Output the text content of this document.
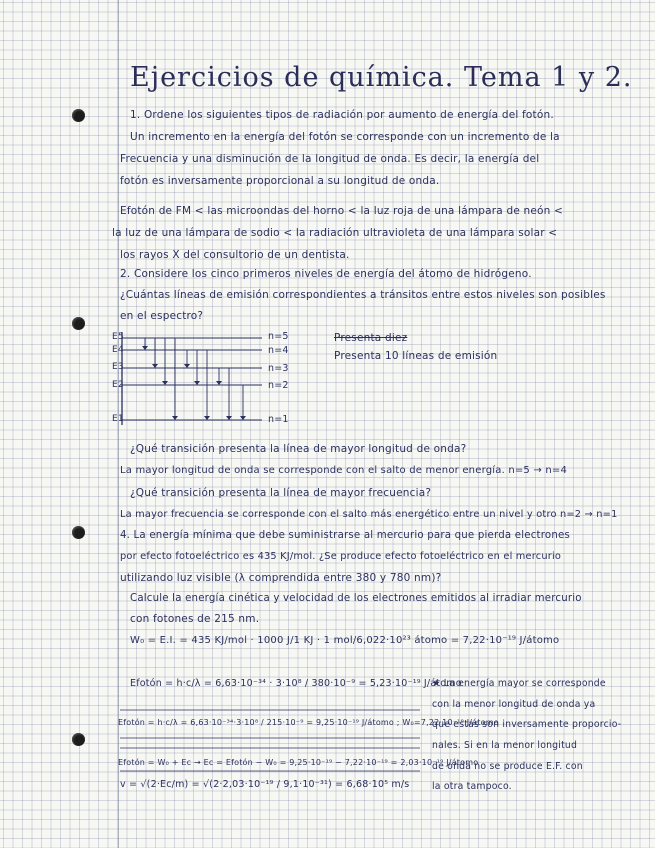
Ejercicios de química. Tema 1 y 2.
1. Ordene los siguientes tipos de radiación por aumento de energía del fotón.
Un incremento en la energía del fotón se corresponde con un incremento de la
Frecuencia y una disminución de la longitud de onda. Es decir, la energía del
fotón es inversamente proporcional a su longitud de onda.
Efotón de FM < las microondas del horno < la luz roja de una lámpara de neón <
la luz de una lámpara de sodio < la radiación ultravioleta de una lámpara solar <
los rayos X del consultorio de un dentista.
2. Considere los cinco primeros niveles de energía del átomo de hidrógeno.
¿Cuántas líneas de emisión correspondientes a tránsitos entre estos niveles son posibles
en el espectro?
E5
E4
E3
E2
E1
n=5
n=4
n=3
n=2
n=1
Presenta diez
Presenta 10 líneas de emisión
¿Qué transición presenta la línea de mayor longitud de onda?
La mayor longitud de onda se corresponde con el salto de menor energía. n=5 → n=4
¿Qué transición presenta la línea de mayor frecuencia?
La mayor frecuencia se corresponde con el salto más energético entre un nivel y otro n=2 → n=1
4. La energía mínima que debe suministrarse al mercurio para que pierda electrones
por efecto fotoeléctrico es 435 KJ/mol. ¿Se produce efecto fotoeléctrico en el mercurio
utilizando luz visible (λ comprendida entre 380 y 780 nm)?
Calcule la energía cinética y velocidad de los electrones emitidos al irradiar mercurio
con fotones de 215 nm.
W₀ = E.I. = 435 KJ/mol · 1000 J/1 KJ · 1 mol/6,022·10²³ átomo = 7,22·10⁻¹⁹ J/átomo
Efotón = h·c/λ = 6,63·10⁻³⁴ · 3·10⁸ / 380·10⁻⁹ = 5,23·10⁻¹⁹ J/átomo
Efotón = h·c/λ = 6,63·10⁻³⁴·3·10⁸ / 215·10⁻⁹ = 9,25·10⁻¹⁹ J/átomo ; W₀=7,22·10⁻¹⁹ J/átomo
Efotón = W₀ + Ec → Ec = Efotón − W₀ = 9,25·10⁻¹⁹ − 7,22·10⁻¹⁹ = 2,03·10⁻¹⁹ J/átomo
v = √(2·Ec/m) = √(2·2,03·10⁻¹⁹ / 9,1·10⁻³¹) = 6,68·10⁵ m/s
★ La energía mayor se corresponde
con la menor longitud de onda ya
que estas son inversamente proporcio-
nales. Si en la menor longitud
de onda no se produce E.F. con
la otra tampoco.
